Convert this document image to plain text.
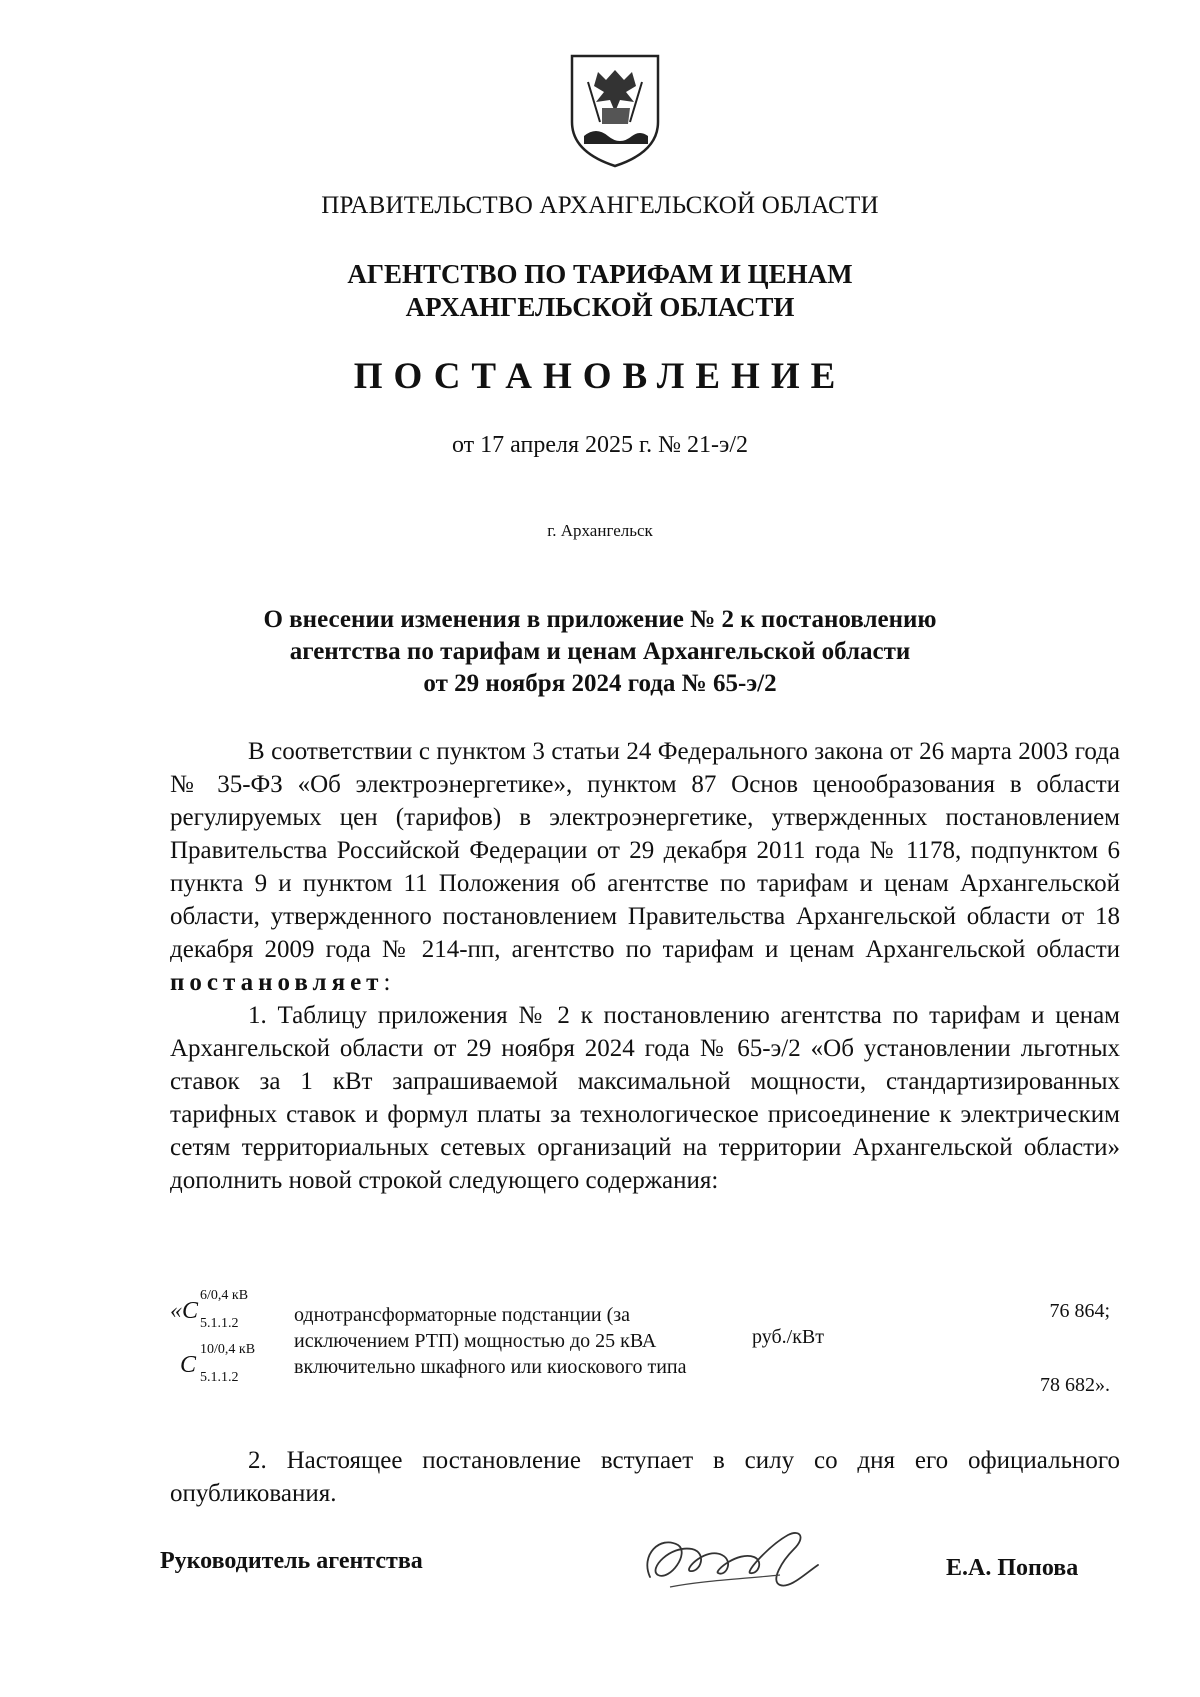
ПРАВИТЕЛЬСТВО АРХАНГЕЛЬСКОЙ ОБЛАСТИ
АГЕНТСТВО ПО ТАРИФАМ И ЦЕНАМ
АРХАНГЕЛЬСКОЙ ОБЛАСТИ
ПОСТАНОВЛЕНИЕ
от 17 апреля 2025 г. № 21-э/2
г. Архангельск
О внесении изменения в приложение № 2 к постановлению
агентства по тарифам и ценам Архангельской области
от 29 ноября 2024 года № 65-э/2

В соответствии с пунктом 3 статьи 24 Федерального закона от 26 марта 2003 года № 35-ФЗ «Об электроэнергетике», пунктом 87 Основ ценообразования в области регулируемых цен (тарифов) в электроэнергетике, утвержденных постановлением Правительства Российской Федерации от 29 декабря 2011 года № 1178, подпунктом 6 пункта 9 и пунктом 11 Положения об агентстве по тарифам и ценам Архангельской области, утвержденного постановлением Правительства Архангельской области от 18 декабря 2009 года № 214-пп, агентство по тарифам и ценам Архангельской области постановляет:

1. Таблицу приложения № 2 к постановлению агентства по тарифам и ценам Архангельской области от 29 ноября 2024 года № 65-э/2 «Об установлении льготных ставок за 1 кВт запрашиваемой максимальной мощности, стандартизированных тарифных ставок и формул платы за технологическое присоединение к электрическим сетям территориальных сетевых организаций на территории Архангельской области» дополнить новой строкой следующего содержания:

«C
6/0,4 кВ
5.1.1.2
C
10/0,4 кВ
5.1.1.2
однотрансформаторные подстанции (за исключением РТП) мощностью до 25 кВА включительно шкафного или киоскового типа
руб./кВт
76 864;
78 682».
2. Настоящее постановление вступает в силу со дня его официального опубликования.
Руководитель агентства	Е.А. Попова
